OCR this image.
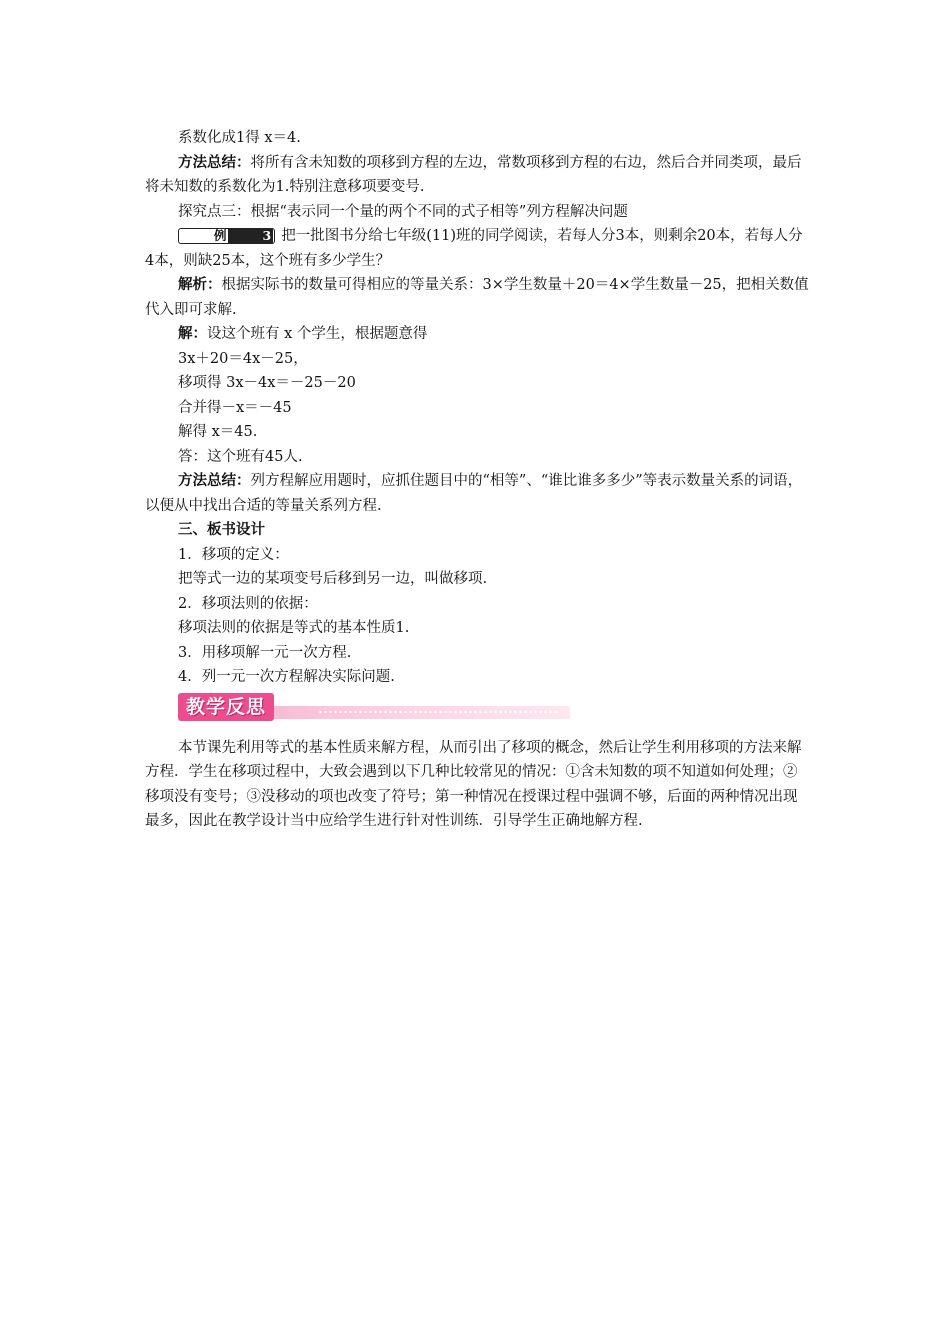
系数化成1得 x＝4.

方法总结：将所有含未知数的项移到方程的左边，常数项移到方程的右边，然后合并同类项，最后将未知数的系数化为1.特别注意移项要变号.

探究点三：根据“表示同一个量的两个不同的式子相等”列方程解决问题

例	3 把一批图书分给七年级(11)班的同学阅读，若每人分3本，则剩余20本，若每人分4本，则缺25本，这个班有多少学生？

解析：根据实际书的数量可得相应的等量关系：3×学生数量＋20＝4×学生数量－25，把相关数值代入即可求解.

解：设这个班有 x 个学生，根据题意得

3x＋20＝4x－25，

移项得 3x－4x＝－25－20

合并得－x＝－45

解得 x＝45.

答：这个班有45人.

方法总结：列方程解应用题时，应抓住题目中的“相等”、“谁比谁多多少”等表示数量关系的词语，以便从中找出合适的等量关系列方程.

三、板书设计

1．移项的定义：

把等式一边的某项变号后移到另一边，叫做移项.

2．移项法则的依据：

移项法则的依据是等式的基本性质1.

3．用移项解一元一次方程.

4．列一元一次方程解决实际问题.

教学反思

本节课先利用等式的基本性质来解方程，从而引出了移项的概念，然后让学生利用移项的方法来解方程．学生在移项过程中，大致会遇到以下几种比较常见的情况：①含未知数的项不知道如何处理；②移项没有变号；③没移动的项也改变了符号；第一种情况在授课过程中强调不够，后面的两种情况出现最多，因此在教学设计当中应给学生进行针对性训练．引导学生正确地解方程.
